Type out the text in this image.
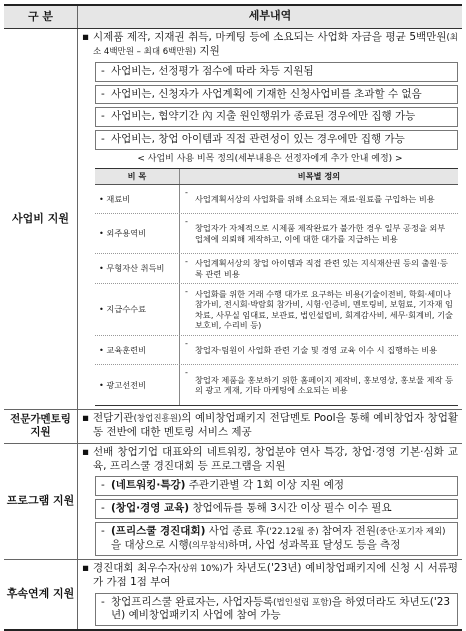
구 분	세부내역
사업비 지원
▪ 시제품 제작, 지재권 취득, 마케팅 등에 소요되는 사업화 자금을 평균 5백만원(최소 4백만원 – 최대 6백만원) 지원
- 사업비는, 선정평가 점수에 따라 차등 지원됨
- 사업비는, 신청자가 사업계획에 기재한 신청사업비를 초과할 수 없음
- 사업비는, 협약기간 內 지출 원인행위가 종료된 경우에만 집행 가능
- 사업비는, 창업 아이템과 직접 관련성이 있는 경우에만 집행 가능
< 사업비 사용 비목 정의(세부내용은 선정자에게 추가 안내 예정) >
비 목	비목별 정의
• 재료비
-
사업계획서상의 사업화를 위해 소요되는 재료·원료를 구입하는 비용
• 외주용역비
-
창업자가 자체적으로 시제품 제작완료가 불가한 경우 일부 공정을 외부업체에 의뢰해 제작하고, 이에 대한 대가를 지급하는 비용
• 무형자산 취득비
- 사업계획서상의 창업 아이템과 직접 관련 있는 지식재산권 등의 출원·등록 관련 비용
• 지급수수료
- 사업화를 위한 거래 수행 대가로 요구하는 비용(기술이전비, 학회·세미나 참가비, 전시회·박람회 참가비, 시험·인증비, 멘토링비, 보험료, 기자재 임차료, 사무실 임대료, 보관료, 법인설립비, 회계감사비, 세무·회계비, 기술보호비, 수리비 등)
• 교육훈련비
-
창업자·팀원이 사업화 관련 기술 및 경영 교육 이수 시 집행하는 비용
• 광고선전비
-
창업자 제품을 홍보하기 위한 홈페이지 제작비, 홍보영상, 홍보물 제작 등의 광고 게재, 기타 마케팅에 소요되는 비용
전문가멘토링 지원
▪ 전담기관(창업진흥원)의 예비창업패키지 전담멘토 Pool을 통해 예비창업자 창업활동 전반에 대한 멘토링 서비스 제공
프로그램 지원
▪ 선배 창업기업 대표와의 네트워킹, 창업분야 연사 특강, 창업·경영 기본·심화 교육, 프리스쿨 경진대회 등 프로그램을 지원
- (네트워킹·특강) 주관기관별 각 1회 이상 지원 예정
- (창업·경영 교육) 창업에듀를 통해 3시간 이상 필수 이수 필요
- (프리스쿨 경진대회) 사업 종료 후('22.12월 중) 참여자 전원(중단·포기자 제외)을 대상으로 시행(의무참석)하며, 사업 성과목표 달성도 등을 측정
후속연계 지원
▪ 경진대회 최우수자(상위 10%)가 차년도('23년) 예비창업패키지에 신청 시 서류평가 가점 1점 부여
- 창업프리스쿨 완료자는, 사업자등록(법인설립 포함)을 하였더라도 차년도('23년) 예비창업패키지 사업에 참여 가능
